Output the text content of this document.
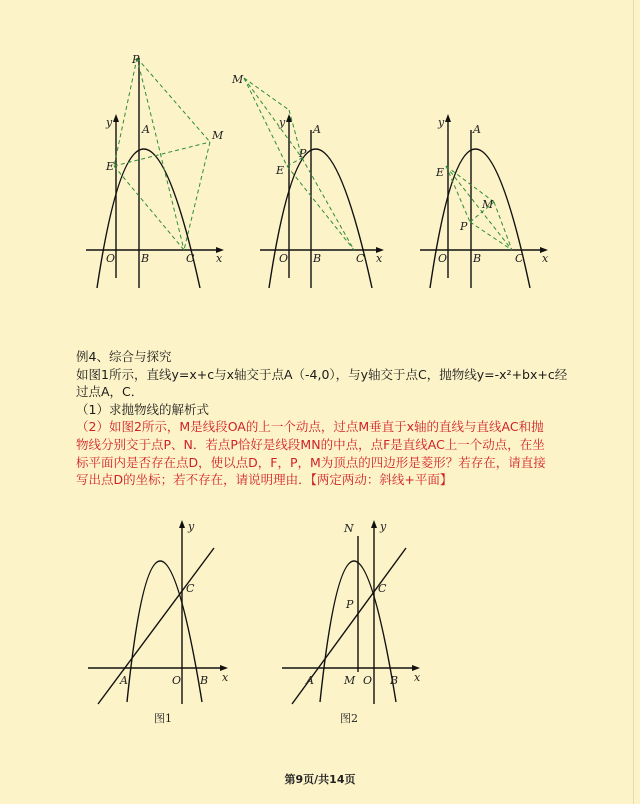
P
A	M
y
E
O B	C x
M
A
y
P
E
O B	C x
y
A
E
M
P
O B	C x
例4、综合与探究
如图1所示，直线y=x+c与x轴交于点A（-4,0），与y轴交于点C，抛物线y=-x²+bx+c经
过点A，C．
（1）求抛物线的解析式
（2）如图2所示，M是线段OA的上一个动点，过点M垂直于x轴的直线与直线AC和抛
物线分别交于点P、N．若点P恰好是线段MN的中点，点F是直线AC上一个动点，在坐
标平面内是否存在点D，使以点D，F，P，M为顶点的四边形是菱形？若存在，请直接
写出点D的坐标；若不存在，请说明理由．【两定两动：斜线+平面】
y
C
A	O B x
图1
N y
C
P
A	M O B x
图2
第9页/共14页
